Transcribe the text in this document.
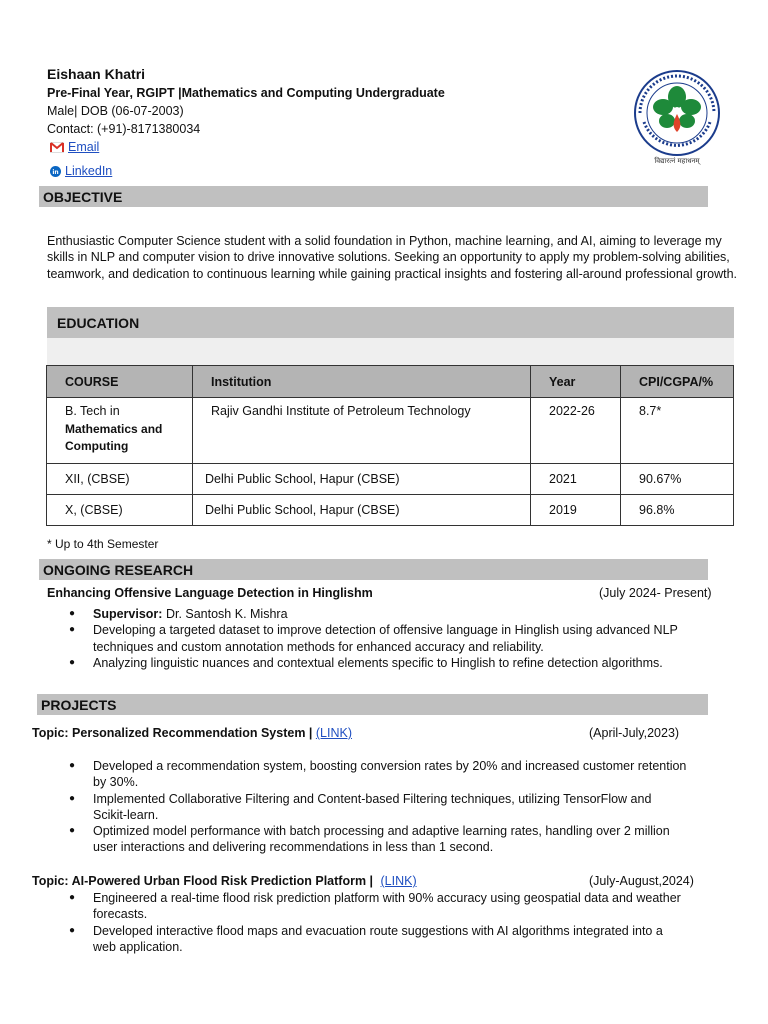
Eishaan Khatri
Pre-Final Year, RGIPT |Mathematics and Computing Undergraduate
Male| DOB (06-07-2003)
Contact: (+91)-8171380034
Email
in LinkedIn
विद्यारत्नं महाधनम्
OBJECTIVE
Enthusiastic Computer Science student with a solid foundation in Python, machine learning, and AI, aiming to leverage my skills in NLP and computer vision to drive innovative solutions. Seeking an opportunity to apply my problem-solving abilities, teamwork, and dedication to continuous learning while gaining practical insights and fostering all-around professional growth.
EDUCATION
COURSE	Institution	Year	CPI/CGPA/%

B. Tech in
Mathematics and Computing	Rajiv Gandhi Institute of Petroleum Technology	2022-26	8.7*
XII, (CBSE)	Delhi Public School, Hapur (CBSE)	2021	90.67%
X, (CBSE)	Delhi Public School, Hapur (CBSE)	2019	96.8%
* Up to 4th Semester
ONGOING RESEARCH
Enhancing Offensive Language Detection in Hinglishm	(July 2024- Present)
● Supervisor: Dr. Santosh K. Mishra
● Developing a targeted dataset to improve detection of offensive language in Hinglish using advanced NLP techniques and custom annotation methods for enhanced accuracy and reliability.
● Analyzing linguistic nuances and contextual elements specific to Hinglish to refine detection algorithms.
PROJECTS
Topic: Personalized Recommendation System | (LINK)	(April-July,2023)
● Developed a recommendation system, boosting conversion rates by 20% and increased customer retention by 30%.
● Implemented Collaborative Filtering and Content-based Filtering techniques, utilizing TensorFlow and Scikit-learn.
● Optimized model performance with batch processing and adaptive learning rates, handling over 2 million user interactions and delivering recommendations in less than 1 second.
Topic: AI-Powered Urban Flood Risk Prediction Platform | (LINK)	(July-August,2024)
● Engineered a real-time flood risk prediction platform with 90% accuracy using geospatial data and weather forecasts.
● Developed interactive flood maps and evacuation route suggestions with AI algorithms integrated into a web application.
